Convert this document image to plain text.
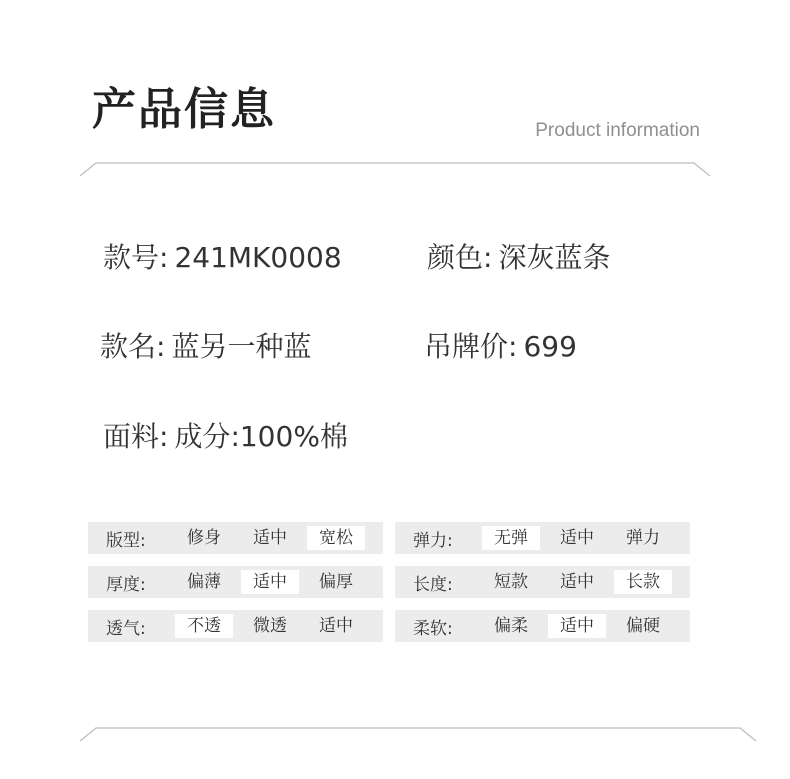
产品信息	Product information
款号: 241MK0008	颜色: 深灰蓝条
款名: 蓝另一种蓝	吊牌价: 699
面料: 成分:100%棉
版型:	修身	适中	宽松	弹力:	无弹	适中	弹力
厚度:	偏薄	适中	偏厚	长度:	短款	适中	长款
透气:	不透	微透	适中	柔软:	偏柔	适中	偏硬
